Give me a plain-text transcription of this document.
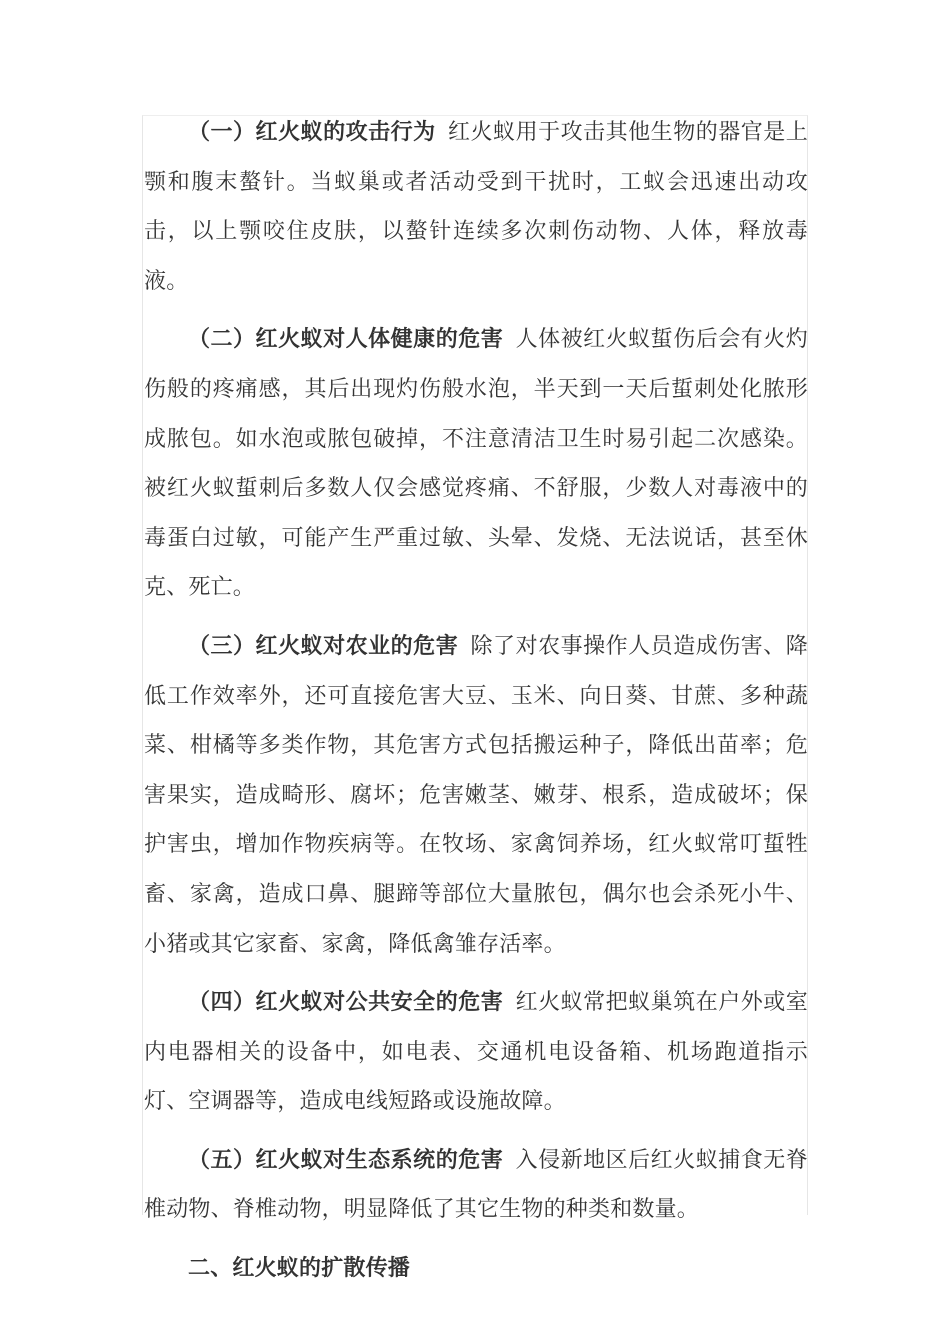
（一）红火蚁的攻击行为 红火蚁用于攻击其他生物的器官是上颚和腹末螯针。当蚁巢或者活动受到干扰时，工蚁会迅速出动攻击，以上颚咬住皮肤，以螯针连续多次刺伤动物、人体，释放毒液。

（二）红火蚁对人体健康的危害 人体被红火蚁蜇伤后会有火灼伤般的疼痛感，其后出现灼伤般水泡，半天到一天后蜇刺处化脓形成脓包。如水泡或脓包破掉，不注意清洁卫生时易引起二次感染。被红火蚁蜇刺后多数人仅会感觉疼痛、不舒服，少数人对毒液中的毒蛋白过敏，可能产生严重过敏、头晕、发烧、无法说话，甚至休克、死亡。

（三）红火蚁对农业的危害 除了对农事操作人员造成伤害、降低工作效率外，还可直接危害大豆、玉米、向日葵、甘蔗、多种蔬菜、柑橘等多类作物，其危害方式包括搬运种子，降低出苗率；危害果实，造成畸形、腐坏；危害嫩茎、嫩芽、根系，造成破坏；保护害虫，增加作物疾病等。在牧场、家禽饲养场，红火蚁常叮蜇牲 畜、家禽，造成口鼻、腿蹄等部位大量脓包，偶尔也会杀死小牛、小猪或其它家畜、家禽，降低禽雏存活率。

（四）红火蚁对公共安全的危害 红火蚁常把蚁巢筑在户外或室内电器相关的设备中，如电表、交通机电设备箱、机场跑道指示灯、空调器等，造成电线短路或设施故障。

（五）红火蚁对生态系统的危害 入侵新地区后红火蚁捕食无脊椎动物、脊椎动物，明显降低了其它生物的种类和数量。

二、红火蚁的扩散传播
